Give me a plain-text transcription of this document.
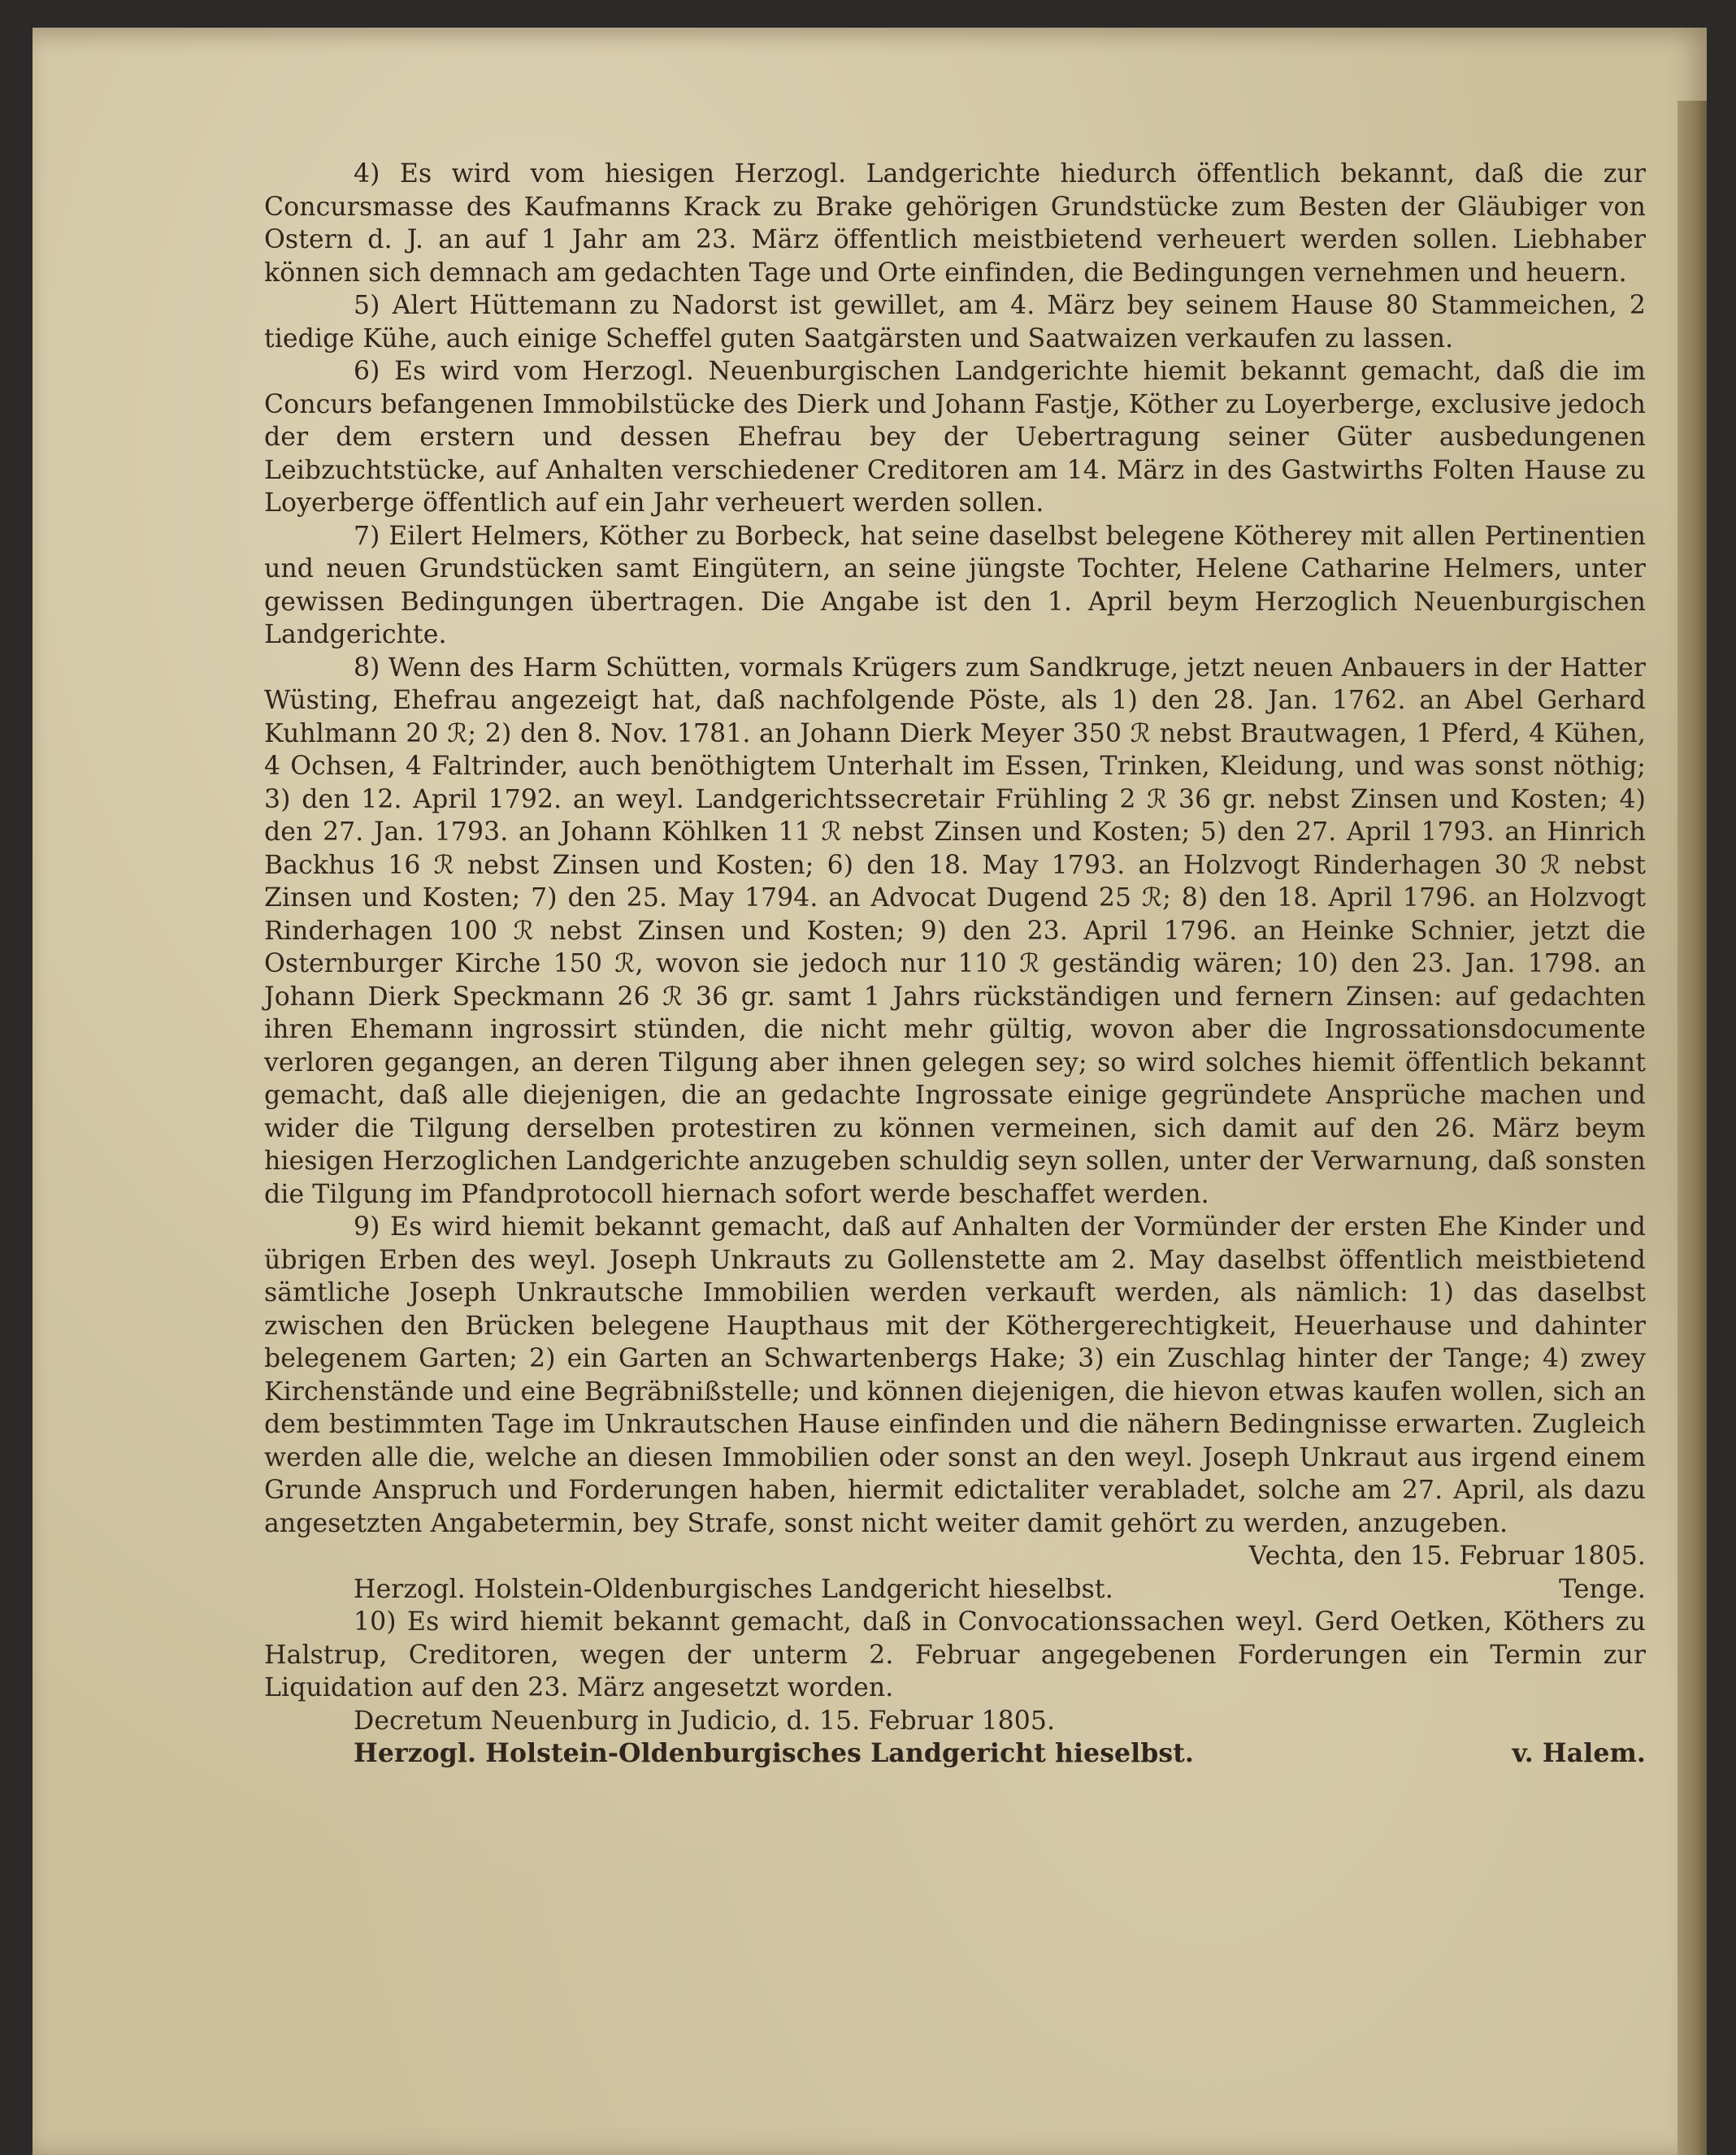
4) Es wird vom hiesigen Herzogl. Landgerichte hiedurch öffentlich bekannt, daß die zur Concursmasse des Kaufmanns Krack zu Brake gehörigen Grundstücke zum Besten der Gläubiger von Ostern d. J. an auf 1 Jahr am 23. März öffentlich meistbietend verheuert werden sollen. Liebhaber können sich demnach am gedachten Tage und Orte einfinden, die Bedingungen vernehmen und heuern.

5) Alert Hüttemann zu Nadorst ist gewillet, am 4. März bey seinem Hause 80 Stammeichen, 2 tiedige Kühe, auch einige Scheffel guten Saatgärsten und Saatwaizen verkaufen zu lassen.

6) Es wird vom Herzogl. Neuenburgischen Landgerichte hiemit bekannt gemacht, daß die im Concurs befangenen Immobilstücke des Dierk und Johann Fastje, Köther zu Loyerberge, exclusive jedoch der dem erstern und dessen Ehefrau bey der Uebertragung seiner Güter ausbedungenen Leibzuchtstücke, auf Anhalten verschiedener Creditoren am 14. März in des Gastwirths Folten Hause zu Loyerberge öffentlich auf ein Jahr verheuert werden sollen.

7) Eilert Helmers, Köther zu Borbeck, hat seine daselbst belegene Kötherey mit allen Pertinentien und neuen Grundstücken samt Eingütern, an seine jüngste Tochter, Helene Catharine Helmers, unter gewissen Bedingungen übertragen. Die Angabe ist den 1. April beym Herzoglich Neuenburgischen Landgerichte.

8) Wenn des Harm Schütten, vormals Krügers zum Sandkruge, jetzt neuen Anbauers in der Hatter Wüsting, Ehefrau angezeigt hat, daß nachfolgende Pöste, als 1) den 28. Jan. 1762. an Abel Gerhard Kuhlmann 20 ℛ︎; 2) den 8. Nov. 1781. an Johann Dierk Meyer 350 ℛ︎ nebst Brautwagen, 1 Pferd, 4 Kühen, 4 Ochsen, 4 Faltrinder, auch benöthigtem Unterhalt im Essen, Trinken, Kleidung, und was sonst nöthig; 3) den 12. April 1792. an weyl. Landgerichtssecretair Frühling 2 ℛ︎ 36 gr. nebst Zinsen und Kosten; 4) den 27. Jan. 1793. an Johann Köhlken 11 ℛ︎ nebst Zinsen und Kosten; 5) den 27. April 1793. an Hinrich Backhus 16 ℛ︎ nebst Zinsen und Kosten; 6) den 18. May 1793. an Holzvogt Rinderhagen 30 ℛ︎ nebst Zinsen und Kosten; 7) den 25. May 1794. an Advocat Dugend 25 ℛ︎; 8) den 18. April 1796. an Holzvogt Rinderhagen 100 ℛ︎ nebst Zinsen und Kosten; 9) den 23. April 1796. an Heinke Schnier, jetzt die Osternburger Kirche 150 ℛ︎, wovon sie jedoch nur 110 ℛ︎ geständig wären; 10) den 23. Jan. 1798. an Johann Dierk Speckmann 26 ℛ︎ 36 gr. samt 1 Jahrs rückständigen und fernern Zinsen: auf gedachten ihren Ehemann ingrossirt stünden, die nicht mehr gültig, wovon aber die Ingrossationsdocumente verloren gegangen, an deren Tilgung aber ihnen gelegen sey; so wird solches hiemit öffentlich bekannt gemacht, daß alle diejenigen, die an gedachte Ingrossate einige gegründete Ansprüche machen und wider die Tilgung derselben protestiren zu können vermeinen, sich damit auf den 26. März beym hiesigen Herzoglichen Landgerichte anzugeben schuldig seyn sollen, unter der Verwarnung, daß sonsten die Tilgung im Pfandprotocoll hiernach sofort werde beschaffet werden.

9) Es wird hiemit bekannt gemacht, daß auf Anhalten der Vormünder der ersten Ehe Kinder und übrigen Erben des weyl. Joseph Unkrauts zu Gollenstette am 2. May daselbst öffentlich meistbietend sämtliche Joseph Unkrautsche Immobilien werden verkauft werden, als nämlich: 1) das daselbst zwischen den Brücken belegene Haupthaus mit der Köthergerechtigkeit, Heuerhause und dahinter belegenem Garten; 2) ein Garten an Schwartenbergs Hake; 3) ein Zuschlag hinter der Tange; 4) zwey Kirchenstände und eine Begräbnißstelle; und können diejenigen, die hievon etwas kaufen wollen, sich an dem bestimmten Tage im Unkrautschen Hause einfinden und die nähern Bedingnisse erwarten. Zugleich werden alle die, welche an diesen Immobilien oder sonst an den weyl. Joseph Unkraut aus irgend einem Grunde Anspruch und Forderungen haben, hiermit edictaliter verabladet, solche am 27. April, als dazu angesetzten Angabetermin, bey Strafe, sonst nicht weiter damit gehört zu werden, anzugeben.

Vechta, den 15. Februar 1805.

Herzogl. Holstein-Oldenburgisches Landgericht hieselbst.	Tenge.

10) Es wird hiemit bekannt gemacht, daß in Convocationssachen weyl. Gerd Oetken, Köthers zu Halstrup, Creditoren, wegen der unterm 2. Februar angegebenen Forderungen ein Termin zur Liquidation auf den 23. März angesetzt worden.

Decretum Neuenburg in Judicio, d. 15. Februar 1805.

Herzogl. Holstein-Oldenburgisches Landgericht hieselbst.	v. Halem.
